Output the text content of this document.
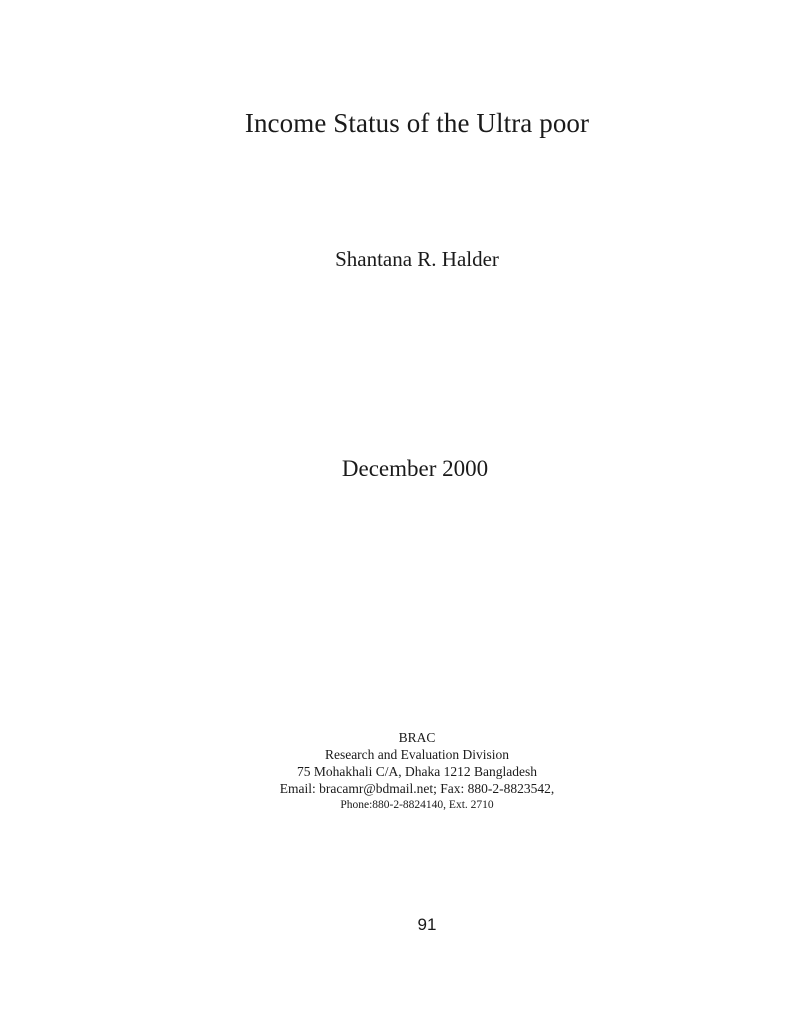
Income Status of the Ultra poor
Shantana R. Halder
December 2000
BRAC
Research and Evaluation Division
75 Mohakhali C/A, Dhaka 1212 Bangladesh
Email: bracamr@bdmail.net; Fax: 880-2-8823542,
Phone:880-2-8824140, Ext. 2710
91
